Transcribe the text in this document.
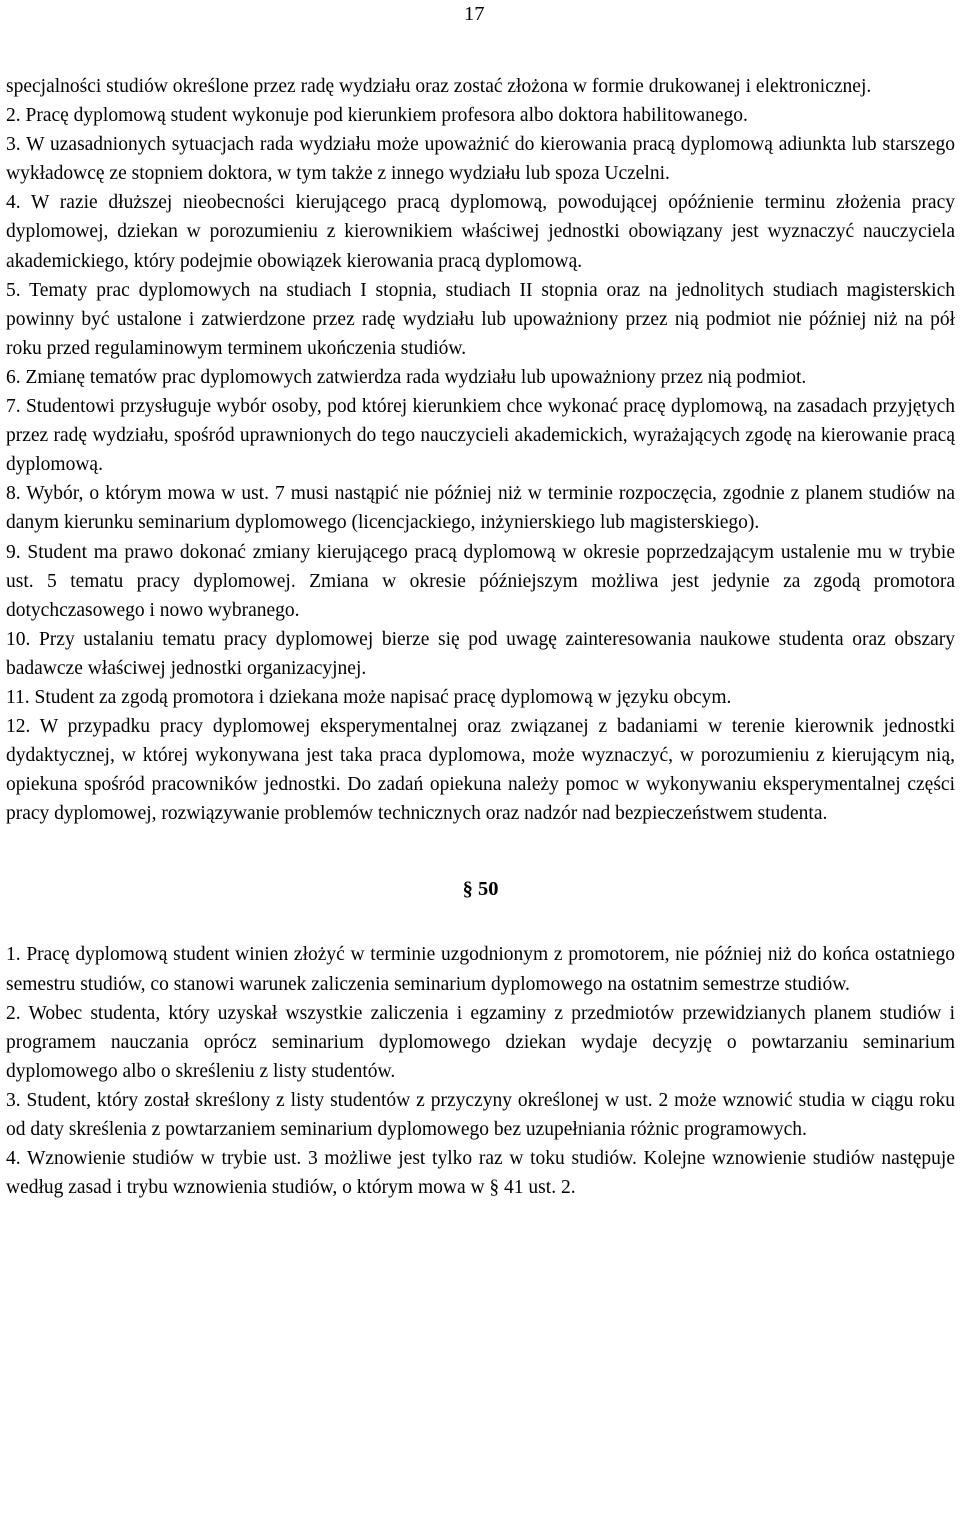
17

specjalności studiów określone przez radę wydziału oraz zostać złożona w formie drukowanej i elektronicznej.

2. Pracę dyplomową student wykonuje pod kierunkiem profesora albo doktora habilitowanego.

3. W uzasadnionych sytuacjach rada wydziału może upoważnić do kierowania pracą dyplomową adiunkta lub starszego wykładowcę ze stopniem doktora, w tym także z innego wydziału lub spoza Uczelni.

4. W razie dłuższej nieobecności kierującego pracą dyplomową, powodującej opóźnienie terminu złożenia pracy dyplomowej, dziekan w porozumieniu z kierownikiem właściwej jednostki obowiązany jest wyznaczyć nauczyciela akademickiego, który podejmie obowiązek kierowania pracą dyplomową.

5. Tematy prac dyplomowych na studiach I stopnia, studiach II stopnia oraz na jednolitych studiach magisterskich powinny być ustalone i zatwierdzone przez radę wydziału lub upoważniony przez nią podmiot nie później niż na pół roku przed regulaminowym terminem ukończenia studiów.

6. Zmianę tematów prac dyplomowych zatwierdza rada wydziału lub upoważniony przez nią podmiot.

7. Studentowi przysługuje wybór osoby, pod której kierunkiem chce wykonać pracę dyplomową, na zasadach przyjętych przez radę wydziału, spośród uprawnionych do tego nauczycieli akademickich, wyrażających zgodę na kierowanie pracą dyplomową.

8. Wybór, o którym mowa w ust. 7 musi nastąpić nie później niż w terminie rozpoczęcia, zgodnie z planem studiów na danym kierunku seminarium dyplomowego (licencjackiego, inżynierskiego lub magisterskiego).

9. Student ma prawo dokonać zmiany kierującego pracą dyplomową w okresie poprzedzającym ustalenie mu w trybie ust. 5 tematu pracy dyplomowej. Zmiana w okresie późniejszym możliwa jest jedynie za zgodą promotora dotychczasowego i nowo wybranego.

10. Przy ustalaniu tematu pracy dyplomowej bierze się pod uwagę zainteresowania naukowe studenta oraz obszary badawcze właściwej jednostki organizacyjnej.

11. Student za zgodą promotora i dziekana może napisać pracę dyplomową w języku obcym.

12. W przypadku pracy dyplomowej eksperymentalnej oraz związanej z badaniami w terenie kierownik jednostki dydaktycznej, w której wykonywana jest taka praca dyplomowa, może wyznaczyć, w porozumieniu z kierującym nią, opiekuna spośród pracowników jednostki. Do zadań opiekuna należy pomoc w wykonywaniu eksperymentalnej części pracy dyplomowej, rozwiązywanie problemów technicznych oraz nadzór nad bezpieczeństwem studenta.

§ 50

1. Pracę dyplomową student winien złożyć w terminie uzgodnionym z promotorem, nie później niż do końca ostatniego semestru studiów, co stanowi warunek zaliczenia seminarium dyplomowego na ostatnim semestrze studiów.

2. Wobec studenta, który uzyskał wszystkie zaliczenia i egzaminy z przedmiotów przewidzianych planem studiów i programem nauczania oprócz seminarium dyplomowego dziekan wydaje decyzję o powtarzaniu seminarium dyplomowego albo o skreśleniu z listy studentów.

3. Student, który został skreślony z listy studentów z przyczyny określonej w ust. 2 może wznowić studia w ciągu roku od daty skreślenia z powtarzaniem seminarium dyplomowego bez uzupełniania różnic programowych.

4. Wznowienie studiów w trybie ust. 3 możliwe jest tylko raz w toku studiów. Kolejne wznowienie studiów następuje według zasad i trybu wznowienia studiów, o którym mowa w § 41 ust. 2.
